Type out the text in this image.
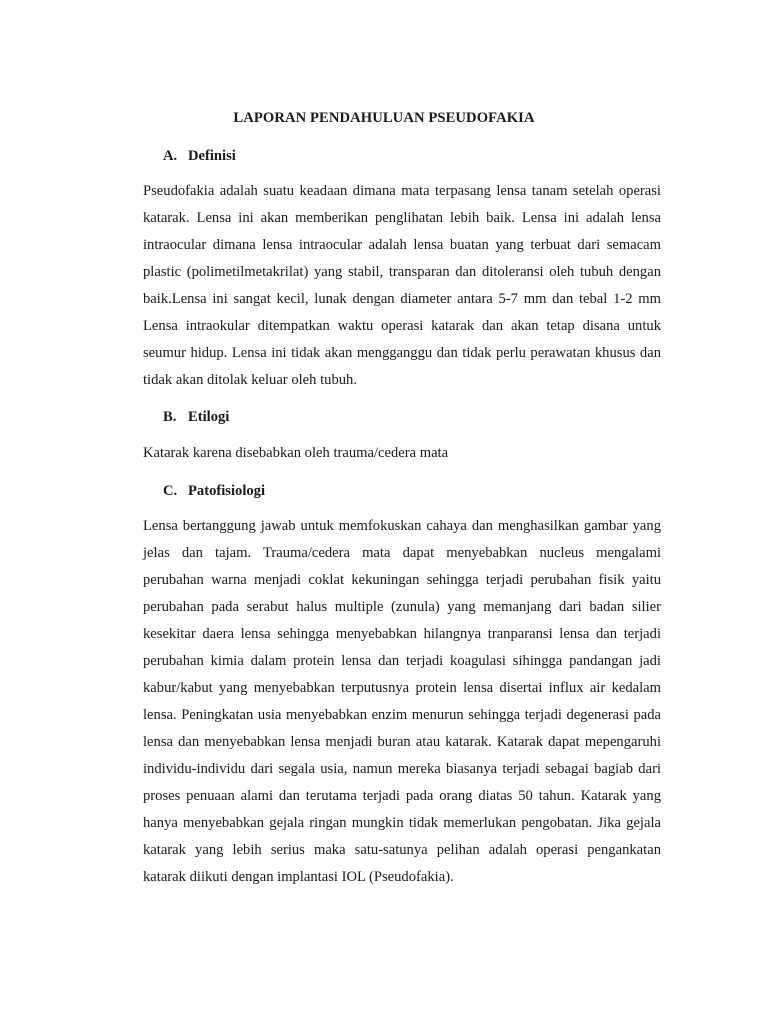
LAPORAN PENDAHULUAN PSEUDOFAKIA
A. Definisi
Pseudofakia adalah suatu keadaan dimana mata terpasang lensa tanam setelah operasi
katarak. Lensa ini akan memberikan penglihatan lebih baik. Lensa ini adalah lensa
intraocular dimana lensa intraocular adalah lensa buatan yang terbuat dari semacam
plastic (polimetilmetakrilat) yang stabil, transparan dan ditoleransi oleh tubuh dengan
baik.Lensa ini sangat kecil, lunak dengan diameter antara 5-7 mm dan tebal 1-2 mm
Lensa intraokular ditempatkan waktu operasi katarak dan akan tetap disana untuk
seumur hidup. Lensa ini tidak akan mengganggu dan tidak perlu perawatan khusus dan
tidak akan ditolak keluar oleh tubuh.
B. Etilogi
Katarak karena disebabkan oleh trauma/cedera mata
C. Patofisiologi
Lensa bertanggung jawab untuk memfokuskan cahaya dan menghasilkan gambar yang
jelas dan tajam. Trauma/cedera mata dapat menyebabkan nucleus mengalami
perubahan warna menjadi coklat kekuningan sehingga terjadi perubahan fisik yaitu
perubahan pada serabut halus multiple (zunula) yang memanjang dari badan silier
kesekitar daera lensa sehingga menyebabkan hilangnya tranparansi lensa dan terjadi
perubahan kimia dalam protein lensa dan terjadi koagulasi sihingga pandangan jadi
kabur/kabut yang menyebabkan terputusnya protein lensa disertai influx air kedalam
lensa. Peningkatan usia menyebabkan enzim menurun sehingga terjadi degenerasi pada
lensa dan menyebabkan lensa menjadi buran atau katarak. Katarak dapat mepengaruhi
individu-individu dari segala usia, namun mereka biasanya terjadi sebagai bagiab dari
proses penuaan alami dan terutama terjadi pada orang diatas 50 tahun. Katarak yang
hanya menyebabkan gejala ringan mungkin tidak memerlukan pengobatan. Jika gejala
katarak yang lebih serius maka satu-satunya pelihan adalah operasi pengankatan
katarak diikuti dengan implantasi IOL (Pseudofakia).
